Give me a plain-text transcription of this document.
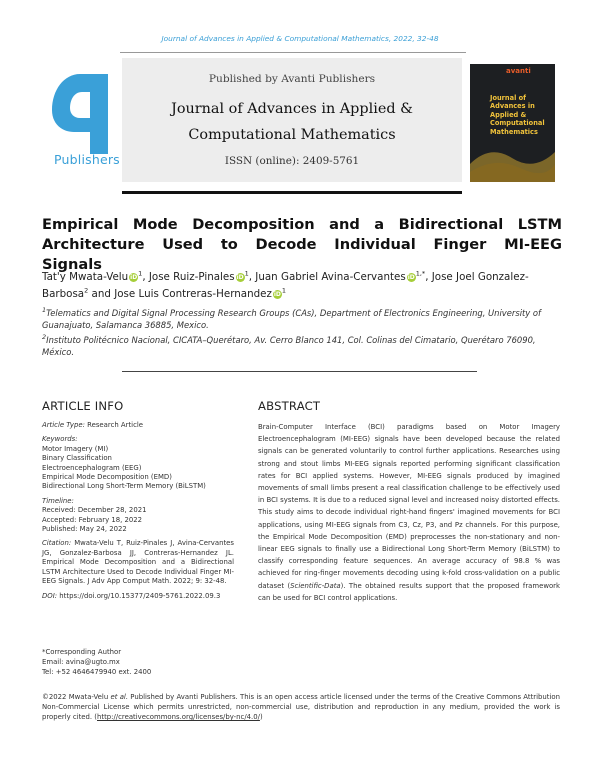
Journal of Advances in Applied & Computational Mathematics, 2022, 32-48
Publishers
Published by Avanti Publishers
Journal of Advances in Applied &
Computational Mathematics
ISSN (online): 2409-5761
avanti
Journal of Advances in Applied & Computational Mathematics
Empirical Mode Decomposition and a Bidirectional LSTM Architecture Used to Decode Individual Finger MI-EEG Signals
Tat'y Mwata-Velu $iD^1$, Jose Ruiz-Pinales $iD^1$, Juan Gabriel Avina-Cervantes $iD^{1,*}$, Jose Joel Gonzalez-Barbosa$^2$ and Jose Luis Contreras-Hernandez $iD^1$
$^1$Telematics and Digital Signal Processing Research Groups (CAs), Department of Electronics Engineering, University of Guanajuato, Salamanca 36885, Mexico.
$^2$Instituto Politécnico Nacional, CICATA–Querétaro, Av. Cerro Blanco 141, Col. Colinas del Cimatario, Querétaro 76090, México.
ARTICLE INFO
Article Type: Research Article
Keywords:
Motor Imagery (MI)
Binary Classification
Electroencephalogram (EEG)
Empirical Mode Decomposition (EMD)
Bidirectional Long Short-Term Memory (BiLSTM)
Timeline:
Received: December 28, 2021
Accepted: February 18, 2022
Published: May 24, 2022
Citation: Mwata-Velu T, Ruiz-Pinales J, Avina-Cervantes JG, Gonzalez-Barbosa JJ, Contreras-Hernandez JL. Empirical Mode Decomposition and a Bidirectional LSTM Architecture Used to Decode Individual Finger MI-EEG Signals. J Adv App Comput Math. 2022; 9: 32-48.
DOI: https://doi.org/10.15377/2409-5761.2022.09.3
ABSTRACT
Brain-Computer Interface (BCI) paradigms based on Motor Imagery Electroencephalogram (MI-EEG) signals have been developed because the related signals can be generated voluntarily to control further applications. Researches using strong and stout limbs MI-EEG signals reported performing significant classification rates for BCI applied systems. However, MI-EEG signals produced by imagined movements of small limbs present a real classification challenge to be effectively used in BCI systems. It is due to a reduced signal level and increased noisy distorted effects. This study aims to decode individual right-hand fingers' imagined movements for BCI applications, using MI-EEG signals from C3, Cz, P3, and Pz channels. For this purpose, the Empirical Mode Decomposition (EMD) preprocesses the non-stationary and non-linear EEG signals to finally use a Bidirectional Long Short-Term Memory (BiLSTM) to classify corresponding feature sequences. An average accuracy of 98.8 % was achieved for ring-finger movements decoding using k-fold cross-validation on a public dataset (Scientific-Data). The obtained results support that the proposed framework can be used for BCI control applications.
*Corresponding Author
Email: avina@ugto.mx
Tel: +52 4646479940 ext. 2400
©2022 Mwata-Velu et al. Published by Avanti Publishers. This is an open access article licensed under the terms of the Creative Commons Attribution Non-Commercial License which permits unrestricted, non-commercial use, distribution and reproduction in any medium, provided the work is properly cited. (http://creativecommons.org/licenses/by-nc/4.0/)
